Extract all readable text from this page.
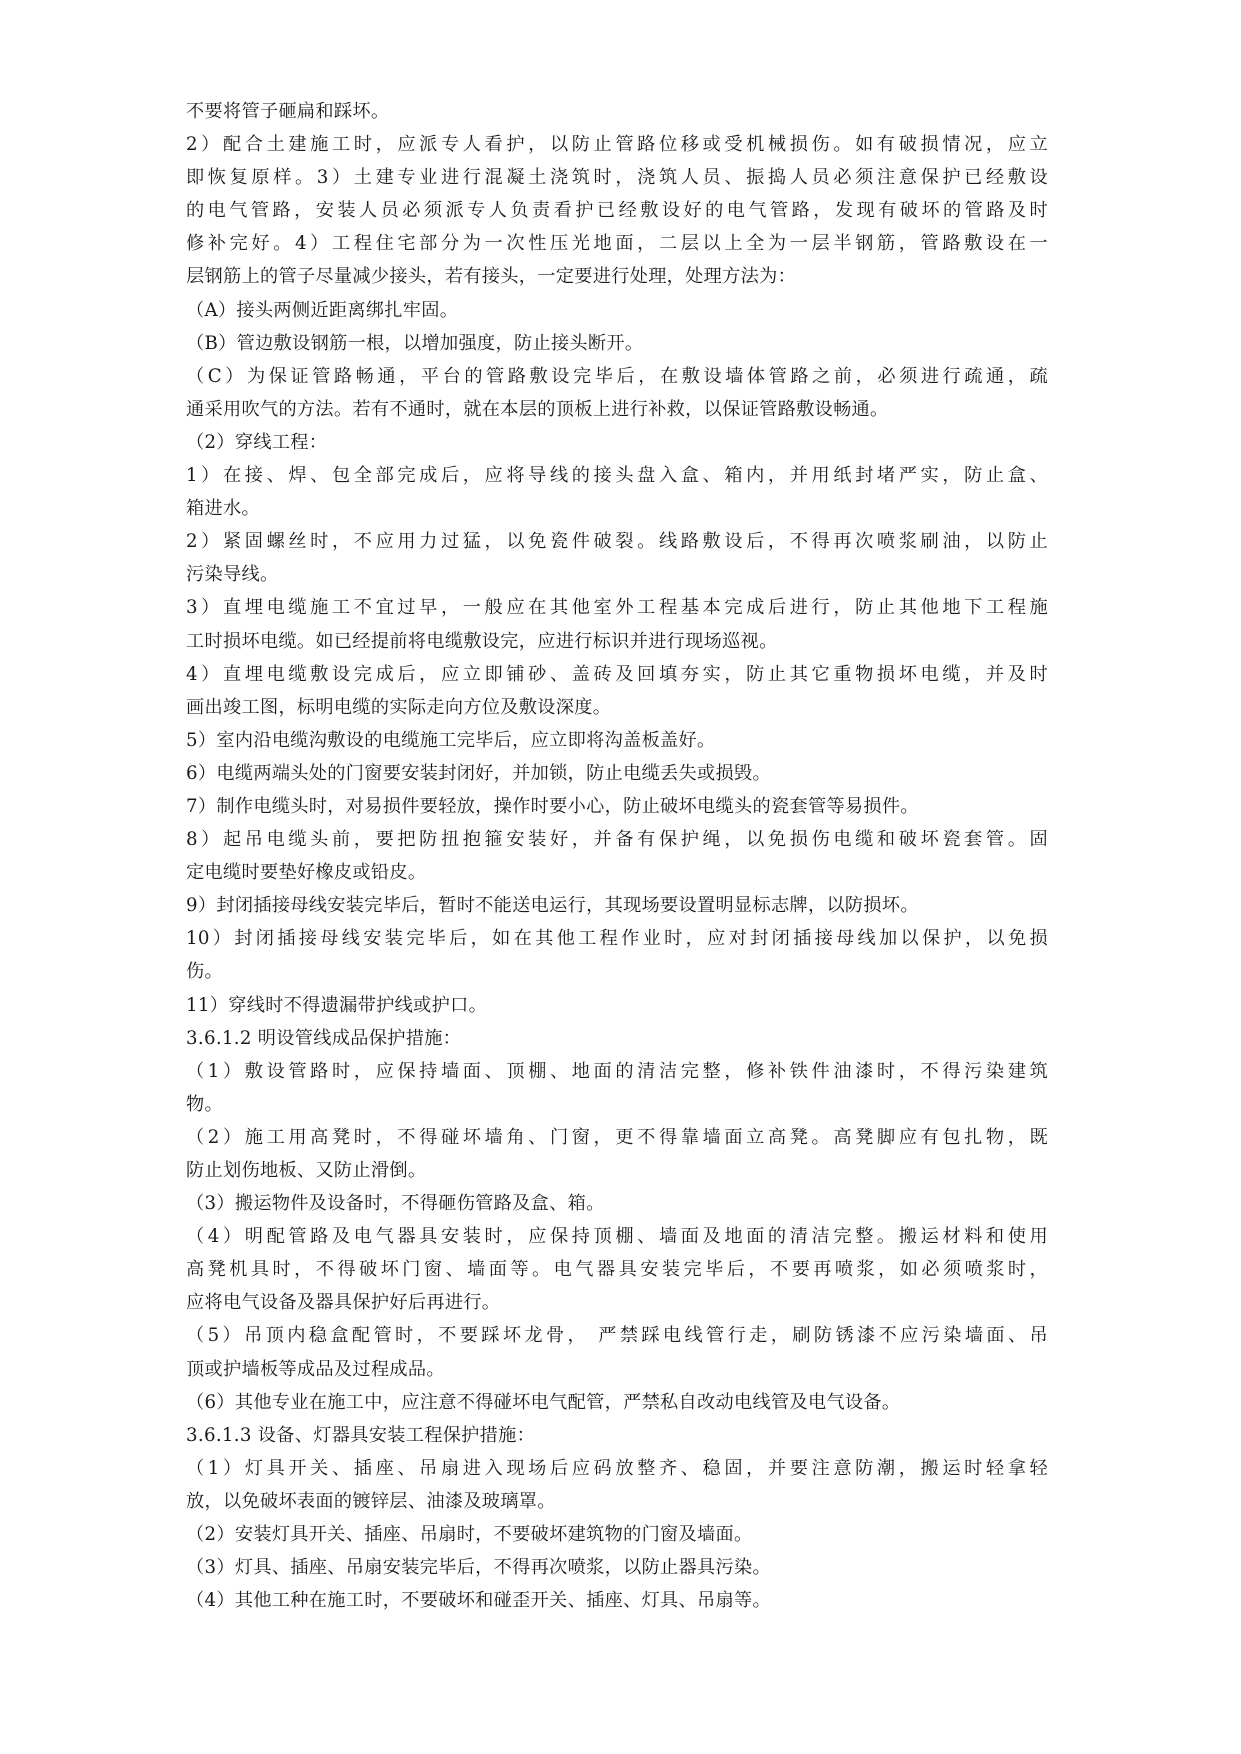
不要将管子砸扁和踩坏。
2）配合土建施工时，应派专人看护，以防止管路位移或受机械损伤。如有破损情况，应立
即恢复原样。3）土建专业进行混凝土浇筑时，浇筑人员、振捣人员必须注意保护已经敷设
的电气管路，安装人员必须派专人负责看护已经敷设好的电气管路，发现有破坏的管路及时
修补完好。4）工程住宅部分为一次性压光地面，二层以上全为一层半钢筋，管路敷设在一
层钢筋上的管子尽量减少接头，若有接头，一定要进行处理，处理方法为：
（A）接头两侧近距离绑扎牢固。
（B）管边敷设钢筋一根，以增加强度，防止接头断开。
（C）为保证管路畅通，平台的管路敷设完毕后，在敷设墙体管路之前，必须进行疏通，疏
通采用吹气的方法。若有不通时，就在本层的顶板上进行补救，以保证管路敷设畅通。
（2）穿线工程：
1）在接、焊、包全部完成后，应将导线的接头盘入盒、箱内，并用纸封堵严实，防止盒、
箱进水。
2）紧固螺丝时，不应用力过猛，以免瓷件破裂。线路敷设后，不得再次喷浆刷油，以防止
污染导线。
3）直埋电缆施工不宜过早，一般应在其他室外工程基本完成后进行，防止其他地下工程施
工时损坏电缆。如已经提前将电缆敷设完，应进行标识并进行现场巡视。
4）直埋电缆敷设完成后，应立即铺砂、盖砖及回填夯实，防止其它重物损坏电缆，并及时
画出竣工图，标明电缆的实际走向方位及敷设深度。
5）室内沿电缆沟敷设的电缆施工完毕后，应立即将沟盖板盖好。
6）电缆两端头处的门窗要安装封闭好，并加锁，防止电缆丢失或损毁。
7）制作电缆头时，对易损件要轻放，操作时要小心，防止破坏电缆头的瓷套管等易损件。
8）起吊电缆头前，要把防扭抱箍安装好，并备有保护绳，以免损伤电缆和破坏瓷套管。固
定电缆时要垫好橡皮或铅皮。
9）封闭插接母线安装完毕后，暂时不能送电运行，其现场要设置明显标志牌，以防损坏。
10）封闭插接母线安装完毕后，如在其他工程作业时，应对封闭插接母线加以保护，以免损
伤。
11）穿线时不得遗漏带护线或护口。
3.6.1.2 明设管线成品保护措施：
（1）敷设管路时，应保持墙面、顶棚、地面的清洁完整，修补铁件油漆时，不得污染建筑
物。
（2）施工用高凳时，不得碰坏墙角、门窗，更不得靠墙面立高凳。高凳脚应有包扎物，既
防止划伤地板、又防止滑倒。
（3）搬运物件及设备时，不得砸伤管路及盒、箱。
（4）明配管路及电气器具安装时，应保持顶棚、墙面及地面的清洁完整。搬运材料和使用
高凳机具时，不得破坏门窗、墙面等。电气器具安装完毕后，不要再喷浆，如必须喷浆时，
应将电气设备及器具保护好后再进行。
（5）吊顶内稳盒配管时，不要踩坏龙骨， 严禁踩电线管行走，刷防锈漆不应污染墙面、吊
顶或护墙板等成品及过程成品。
（6）其他专业在施工中，应注意不得碰坏电气配管，严禁私自改动电线管及电气设备。
3.6.1.3 设备、灯器具安装工程保护措施：
（1）灯具开关、插座、吊扇进入现场后应码放整齐、稳固，并要注意防潮，搬运时轻拿轻
放，以免破坏表面的镀锌层、油漆及玻璃罩。
（2）安装灯具开关、插座、吊扇时，不要破坏建筑物的门窗及墙面。
（3）灯具、插座、吊扇安装完毕后，不得再次喷浆，以防止器具污染。
（4）其他工种在施工时，不要破坏和碰歪开关、插座、灯具、吊扇等。
